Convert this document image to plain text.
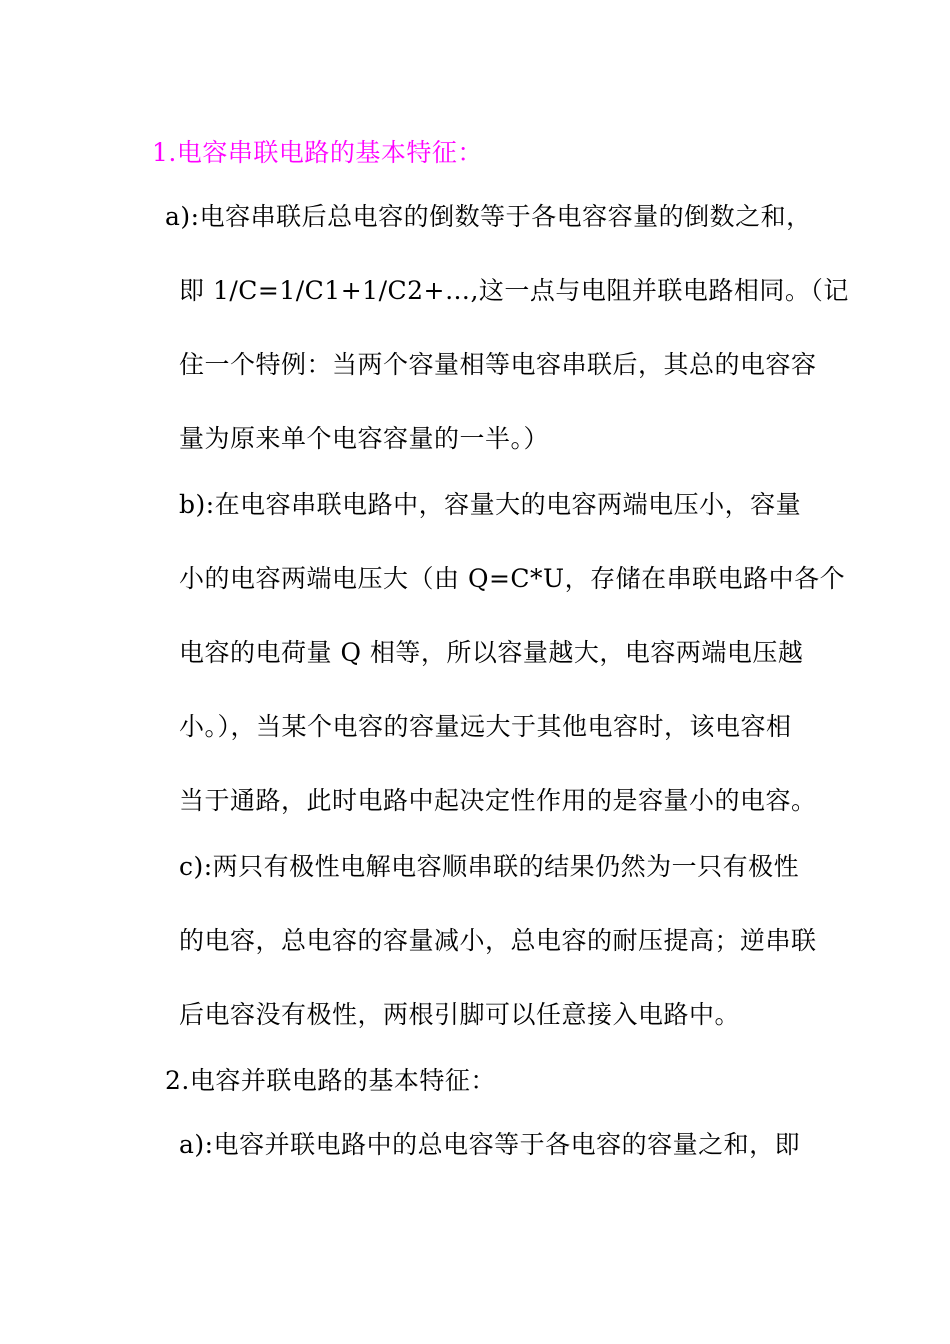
1.电容串联电路的基本特征：
a):电容串联后总电容的倒数等于各电容容量的倒数之和，
即 1/C=1/C1+1/C2+…,这一点与电阻并联电路相同。（记
住一个特例：当两个容量相等电容串联后，其总的电容容
量为原来单个电容容量的一半。）
b):在电容串联电路中，容量大的电容两端电压小，容量
小的电容两端电压大（由 Q=C*U，存储在串联电路中各个
电容的电荷量 Q 相等，所以容量越大，电容两端电压越
小。），当某个电容的容量远大于其他电容时，该电容相
当于通路，此时电路中起决定性作用的是容量小的电容。
c):两只有极性电解电容顺串联的结果仍然为一只有极性
的电容，总电容的容量减小，总电容的耐压提高；逆串联
后电容没有极性，两根引脚可以任意接入电路中。
2.电容并联电路的基本特征：
a):电容并联电路中的总电容等于各电容的容量之和，即
